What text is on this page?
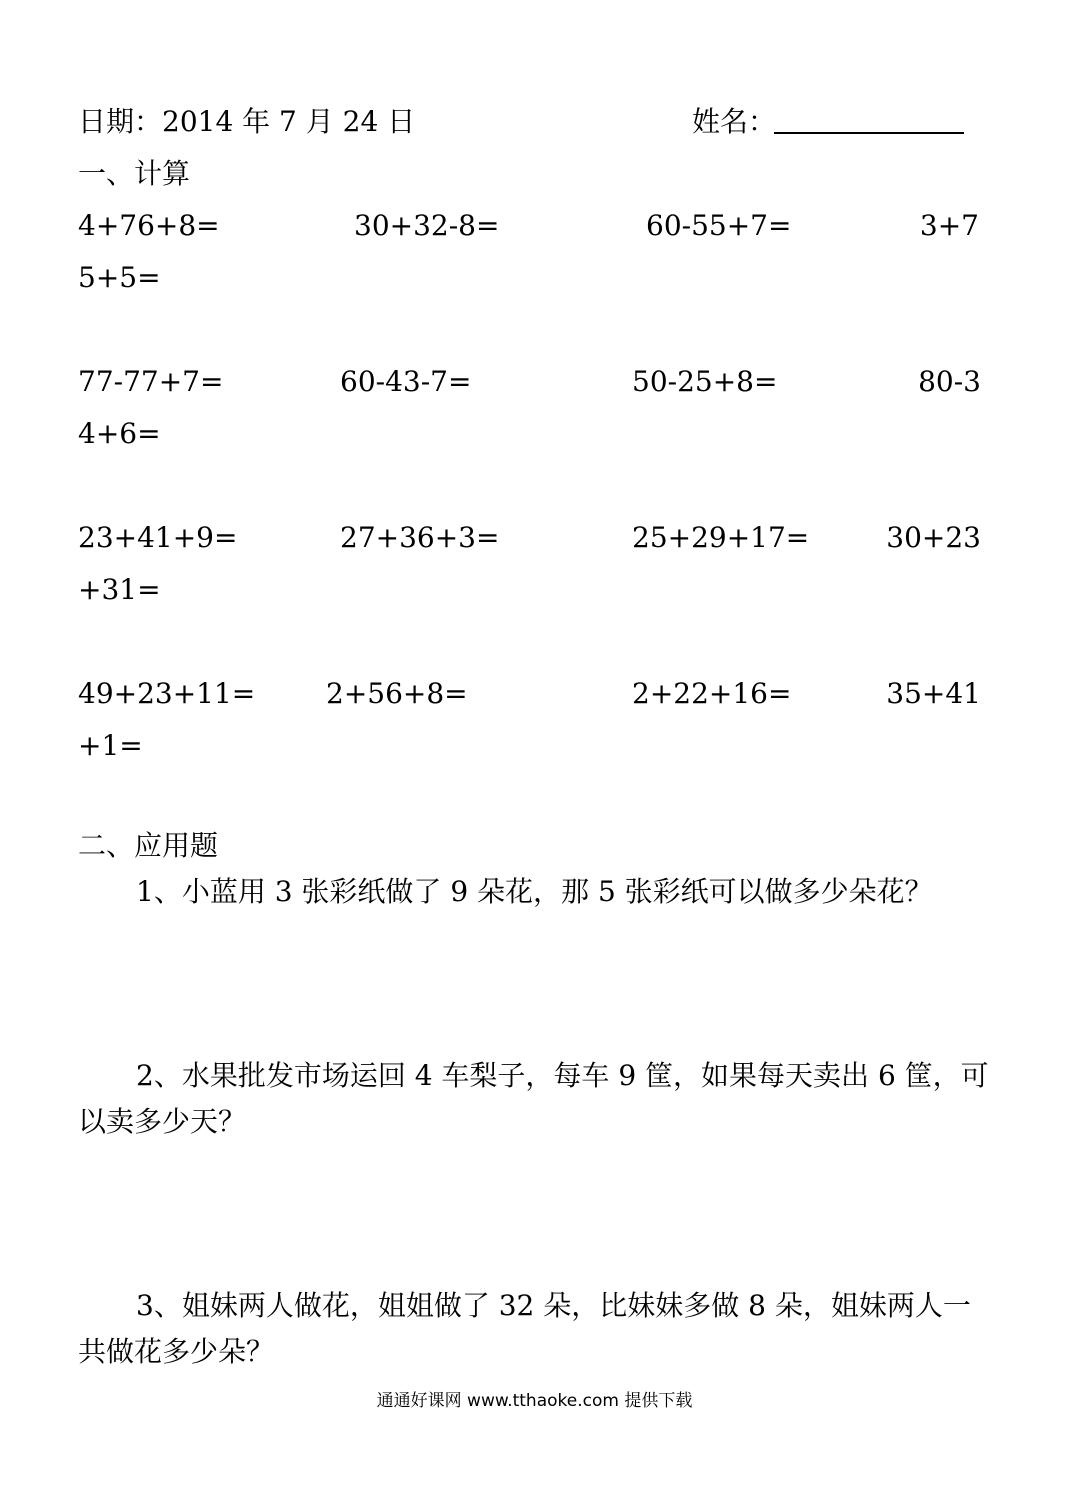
日期：2014 年 7 月 24 日	姓名：
一、计算
4+76+8=	30+32-8=	60-55+7=	3+7
5+5=
77-77+7=	60-43-7=	50-25+8=	80-3
4+6=
23+41+9=	27+36+3=	25+29+17=	30+23
+31=
49+23+11=	2+56+8=	2+22+16=	35+41
+1=
二、应用题
1、小蓝用 3 张彩纸做了 9 朵花，那 5 张彩纸可以做多少朵花？
2、水果批发市场运回 4 车梨子，每车 9 筐，如果每天卖出 6 筐，可
以卖多少天？
3、姐妹两人做花，姐姐做了 32 朵，比妹妹多做 8 朵，姐妹两人一
共做花多少朵？
通通好课网 www.tthaoke.com 提供下载
